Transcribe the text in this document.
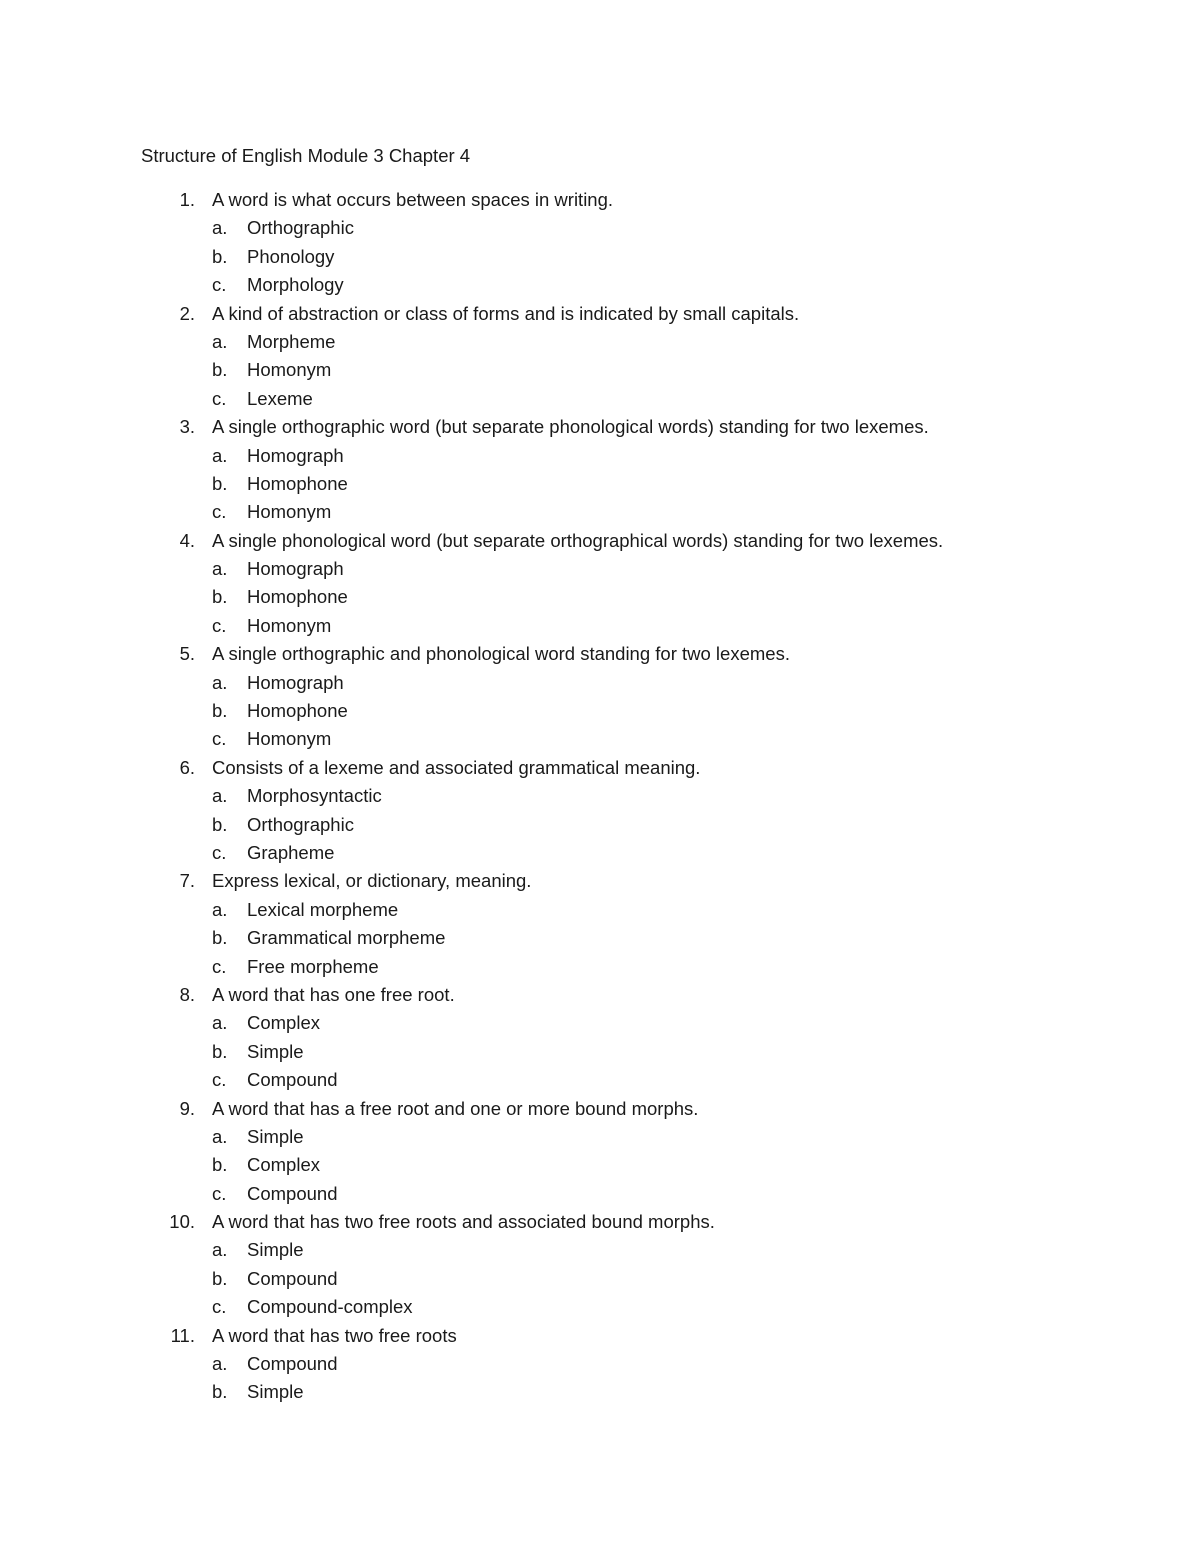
Structure of English Module 3 Chapter 4
1. A word is what occurs between spaces in writing.
a. Orthographic
b. Phonology
c. Morphology
2. A kind of abstraction or class of forms and is indicated by small capitals.
a. Morpheme
b. Homonym
c. Lexeme
3. A single orthographic word (but separate phonological words) standing for two lexemes.
a. Homograph
b. Homophone
c. Homonym
4. A single phonological word (but separate orthographical words) standing for two lexemes.
a. Homograph
b. Homophone
c. Homonym
5. A single orthographic and phonological word standing for two lexemes.
a. Homograph
b. Homophone
c. Homonym
6. Consists of a lexeme and associated grammatical meaning.
a. Morphosyntactic
b. Orthographic
c. Grapheme
7. Express lexical, or dictionary, meaning.
a. Lexical morpheme
b. Grammatical morpheme
c. Free morpheme
8. A word that has one free root.
a. Complex
b. Simple
c. Compound
9. A word that has a free root and one or more bound morphs.
a. Simple
b. Complex
c. Compound
10. A word that has two free roots and associated bound morphs.
a. Simple
b. Compound
c. Compound-complex
11. A word that has two free roots
a. Compound
b. Simple
